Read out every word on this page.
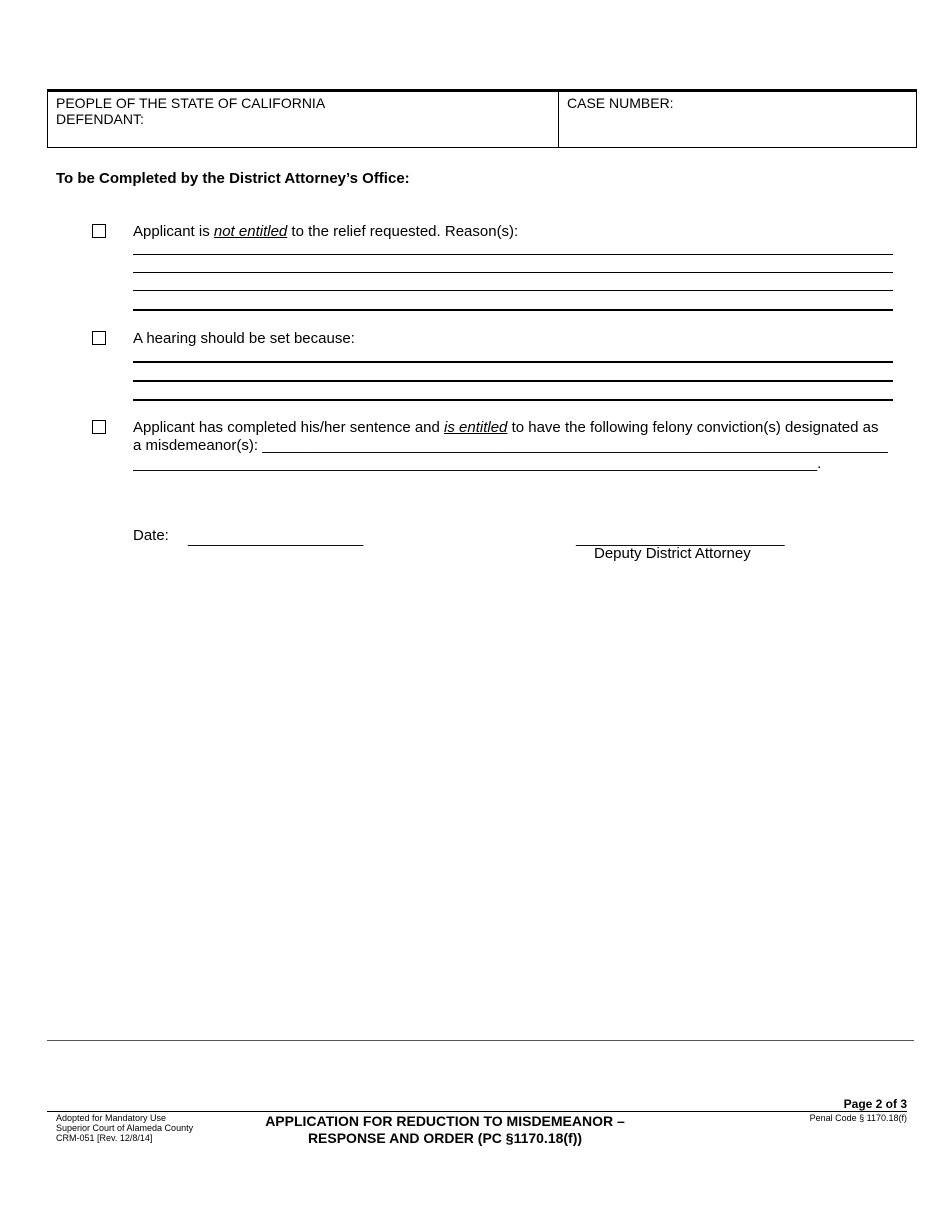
PEOPLE OF THE STATE OF CALIFORNIA
DEFENDANT:
CASE NUMBER:
To be Completed by the District Attorney’s Office:
Applicant is not entitled to the relief requested. Reason(s):
A hearing should be set because:
Applicant has completed his/her sentence and is entitled to have the following felony conviction(s) designated as
a misdemeanor(s): ___________________________________________________________________________
__________________________________________________________________________________.
Date: _____________________	_________________________
Deputy District Attorney
Page 2 of 3
Penal Code § 1170.18(f)
Adopted for Mandatory Use
Superior Court of Alameda County
CRM-051 [Rev. 12/8/14]
APPLICATION FOR REDUCTION TO MISDEMEANOR –
RESPONSE AND ORDER (PC §1170.18(f))
